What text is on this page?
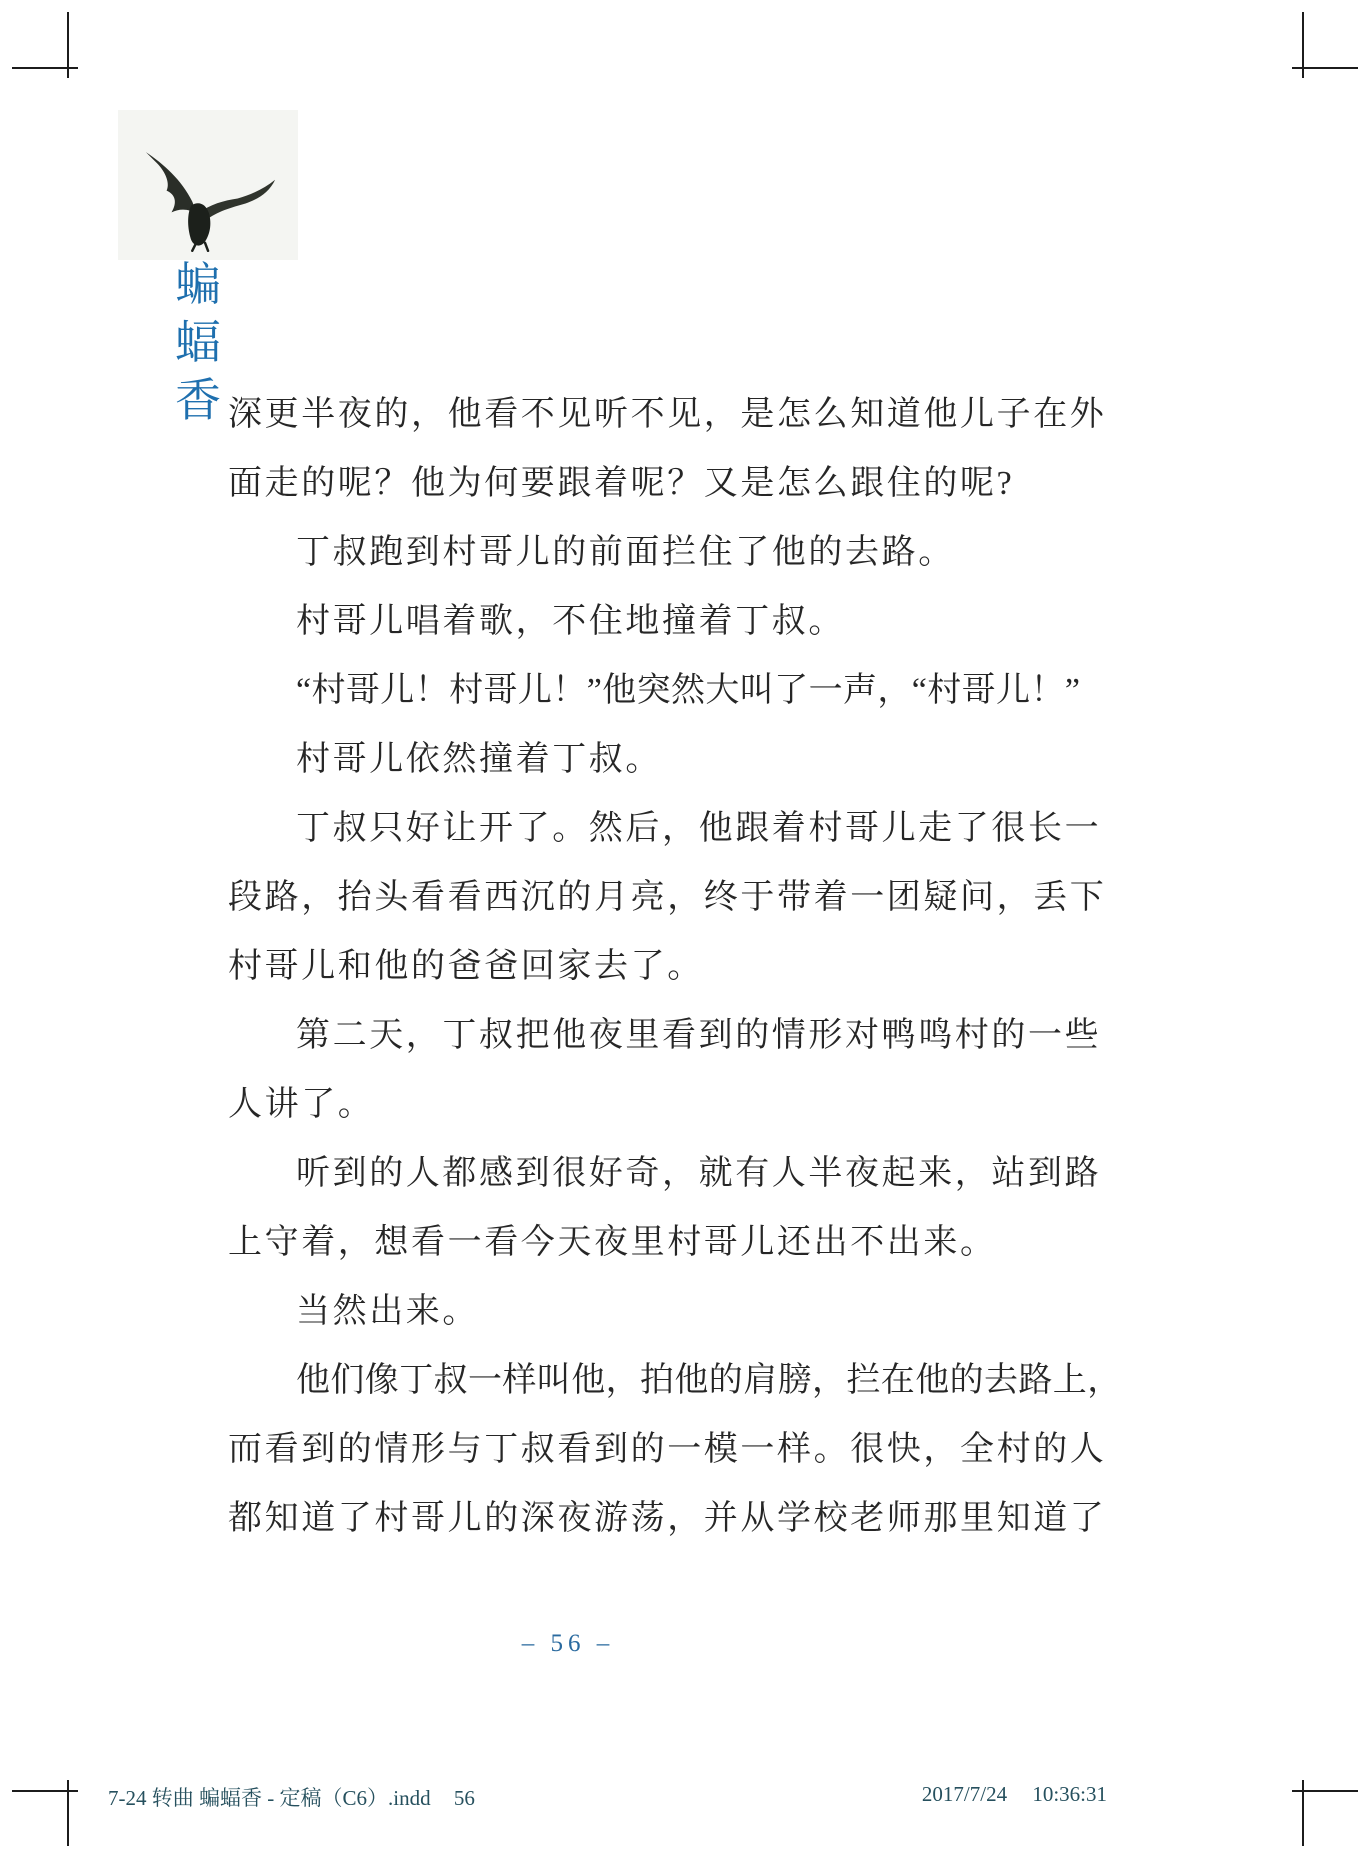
蝙
蝠
香 深更半夜的，他看不见听不见，是怎么知道他儿子在外
面走的呢？他为何要跟着呢？又是怎么跟住的呢?
丁叔跑到村哥儿的前面拦住了他的去路。
村哥儿唱着歌，不住地撞着丁叔。
“村哥儿！村哥儿！”他突然大叫了一声，“村哥儿！”
村哥儿依然撞着丁叔。
丁叔只好让开了。然后，他跟着村哥儿走了很长一
段路，抬头看看西沉的月亮，终于带着一团疑问，丢下
村哥儿和他的爸爸回家去了。
第二天，丁叔把他夜里看到的情形对鸭鸣村的一些
人讲了。
听到的人都感到很好奇，就有人半夜起来，站到路
上守着，想看一看今天夜里村哥儿还出不出来。
当然出来。
他们像丁叔一样叫他，拍他的肩膀，拦在他的去路上，
而看到的情形与丁叔看到的一模一样。很快，全村的人
都知道了村哥儿的深夜游荡，并从学校老师那里知道了
– 56 –
7-24 转曲 蝙蝠香 - 定稿（C6）.indd 56	2017/7/24 10:36:31
